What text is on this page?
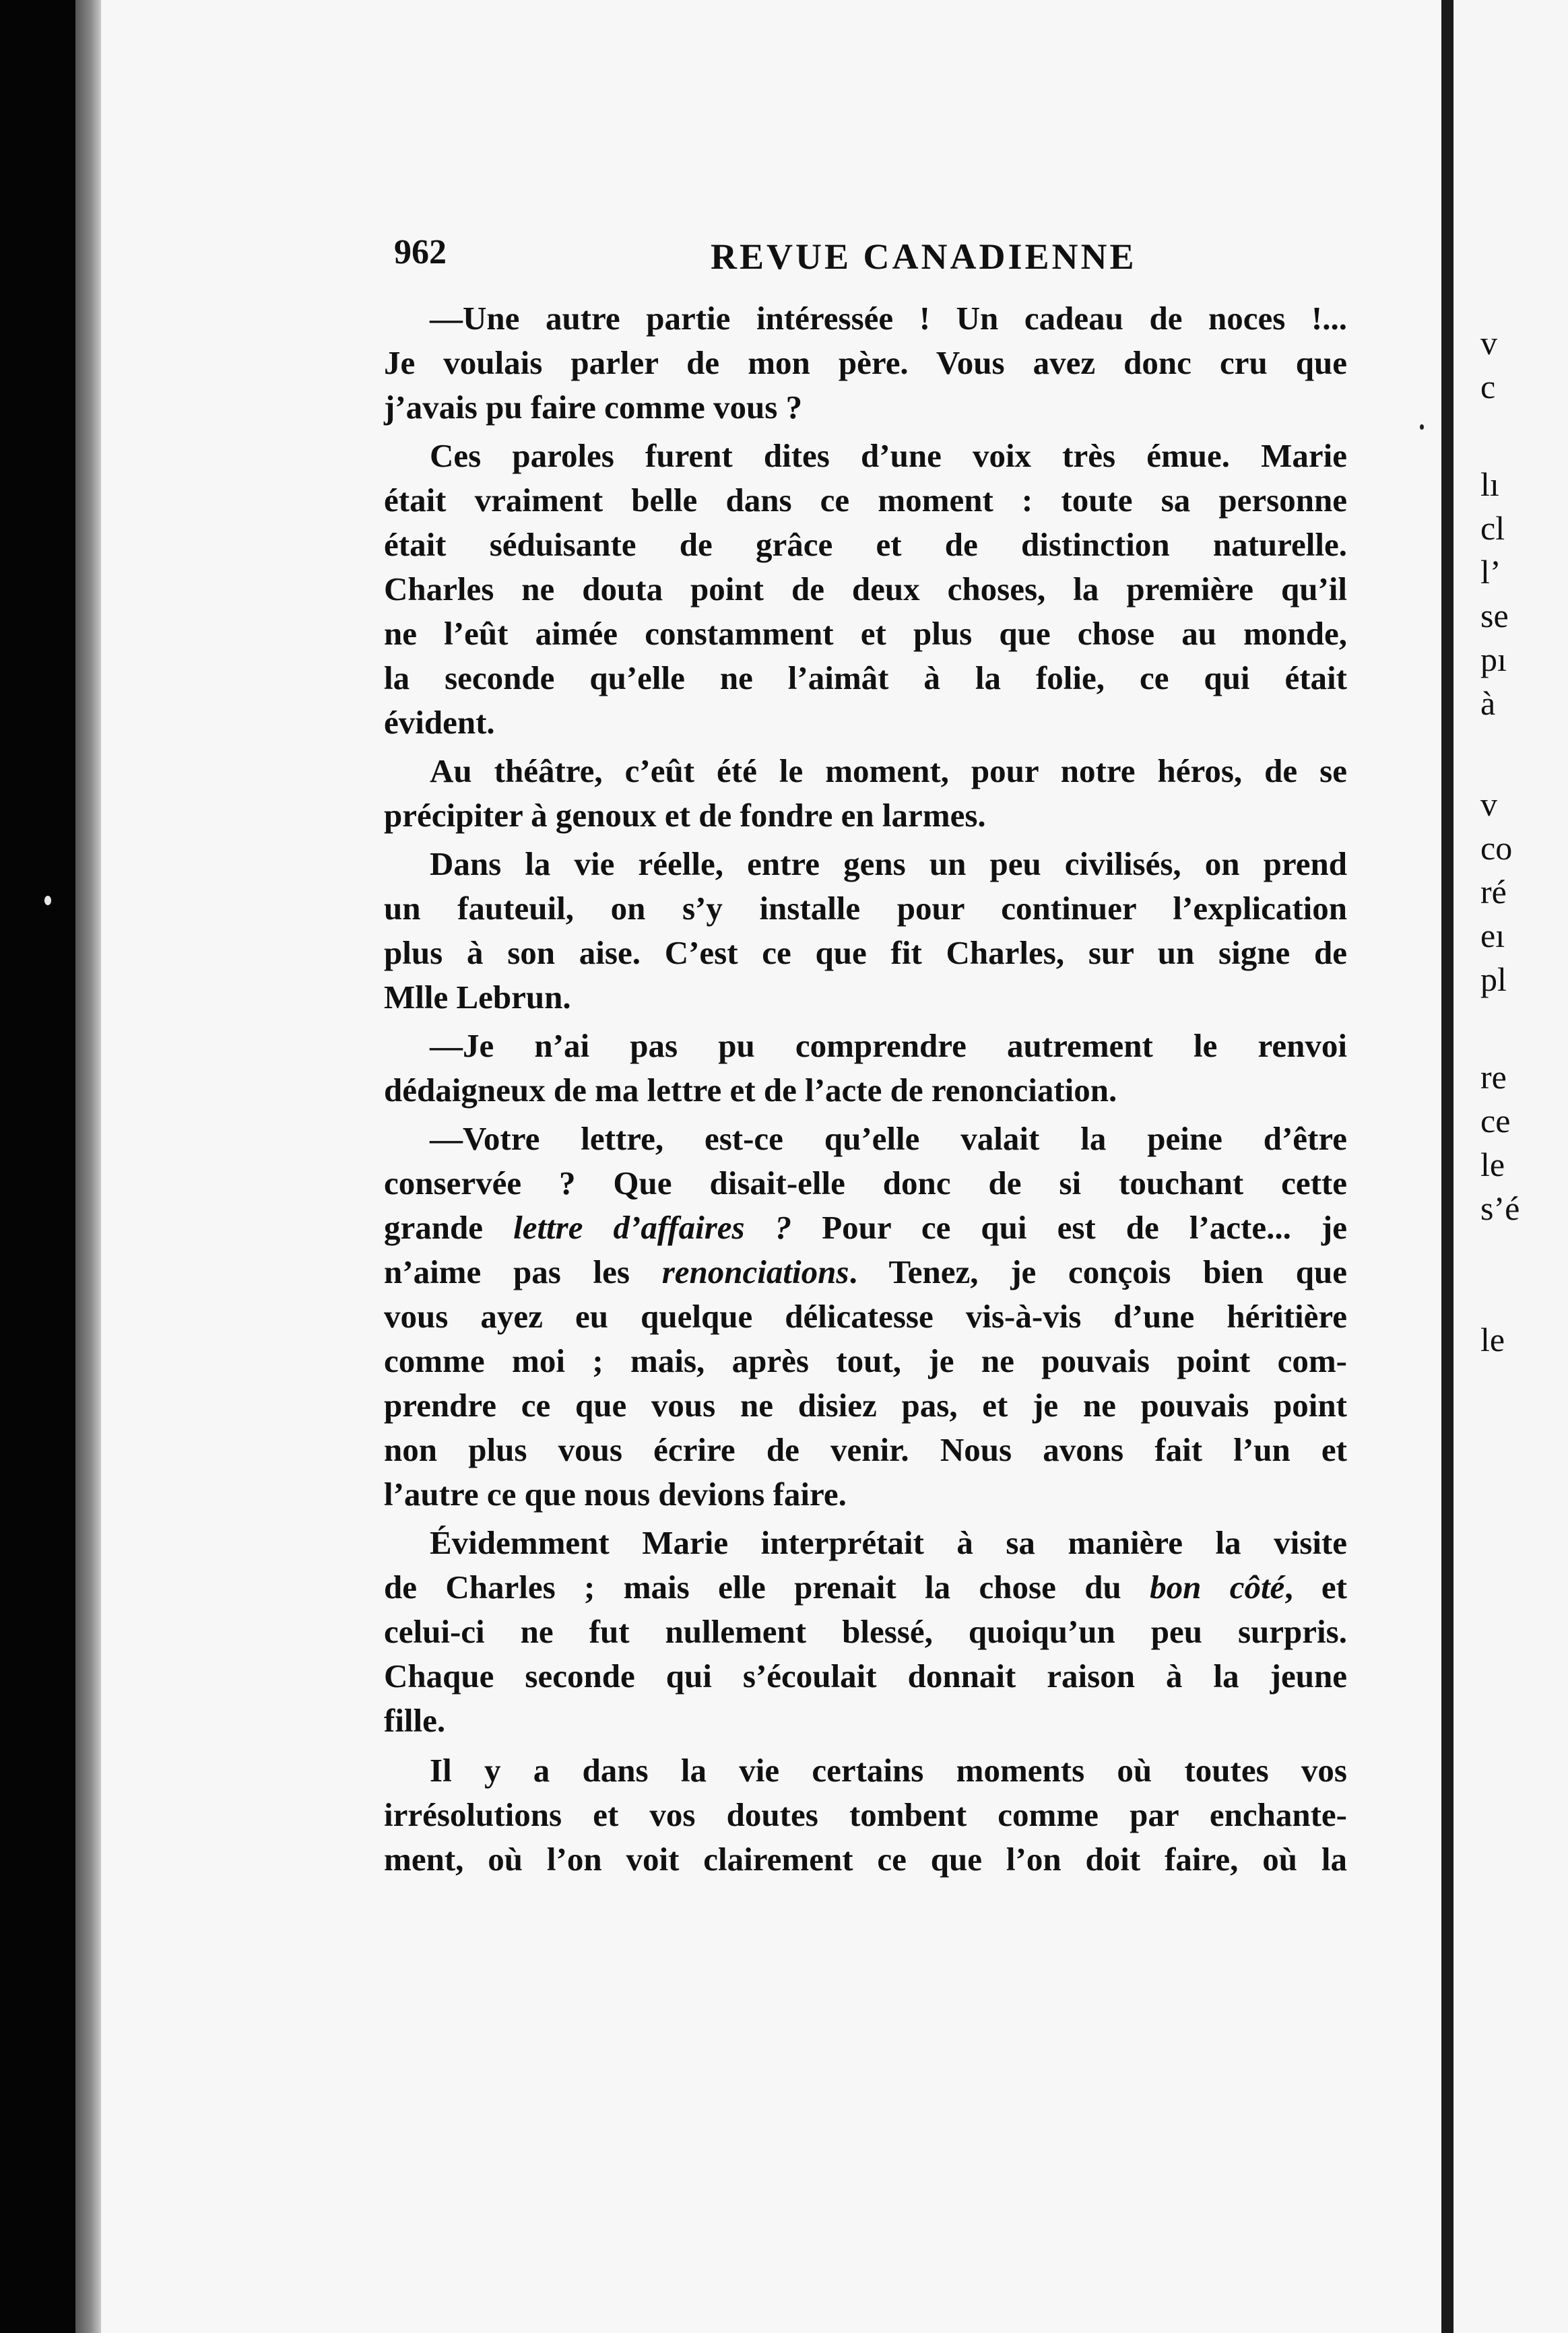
v
c
lı
cl
l’
se
pı
à
v
co
ré
eı
pl
re
ce
le
s’é
le
962	REVUE CANADIENNE

—Une autre partie intéressée ! Un cadeau de noces !...
Je voulais parler de mon père. Vous avez donc cru que
j’avais pu faire comme vous ?

Ces paroles furent dites d’une voix très émue. Marie
était vraiment belle dans ce moment : toute sa personne
était séduisante de grâce et de distinction naturelle.
Charles ne douta point de deux choses, la première qu’il
ne l’eût aimée constamment et plus que chose au monde,
la seconde qu’elle ne l’aimât à la folie, ce qui était
évident.

Au théâtre, c’eût été le moment, pour notre héros, de se
précipiter à genoux et de fondre en larmes.

Dans la vie réelle, entre gens un peu civilisés, on prend
un fauteuil, on s’y installe pour continuer l’explication
plus à son aise. C’est ce que fit Charles, sur un signe de
Mlle Lebrun.

—Je n’ai pas pu comprendre autrement le renvoi
dédaigneux de ma lettre et de l’acte de renonciation.

—Votre lettre, est-ce qu’elle valait la peine d’être
conservée ? Que disait-elle donc de si touchant cette
grande lettre d’affaires ? Pour ce qui est de l’acte... je
n’aime pas les renonciations. Tenez, je conçois bien que
vous ayez eu quelque délicatesse vis-à-vis d’une héritière
comme moi ; mais, après tout, je ne pouvais point com-
prendre ce que vous ne disiez pas, et je ne pouvais point
non plus vous écrire de venir. Nous avons fait l’un et
l’autre ce que nous devions faire.

Évidemment Marie interprétait à sa manière la visite
de Charles ; mais elle prenait la chose du bon côté, et
celui-ci ne fut nullement blessé, quoiqu’un peu surpris.
Chaque seconde qui s’écoulait donnait raison à la jeune
fille.

Il y a dans la vie certains moments où toutes vos
irrésolutions et vos doutes tombent comme par enchante-
ment, où l’on voit clairement ce que l’on doit faire, où la
